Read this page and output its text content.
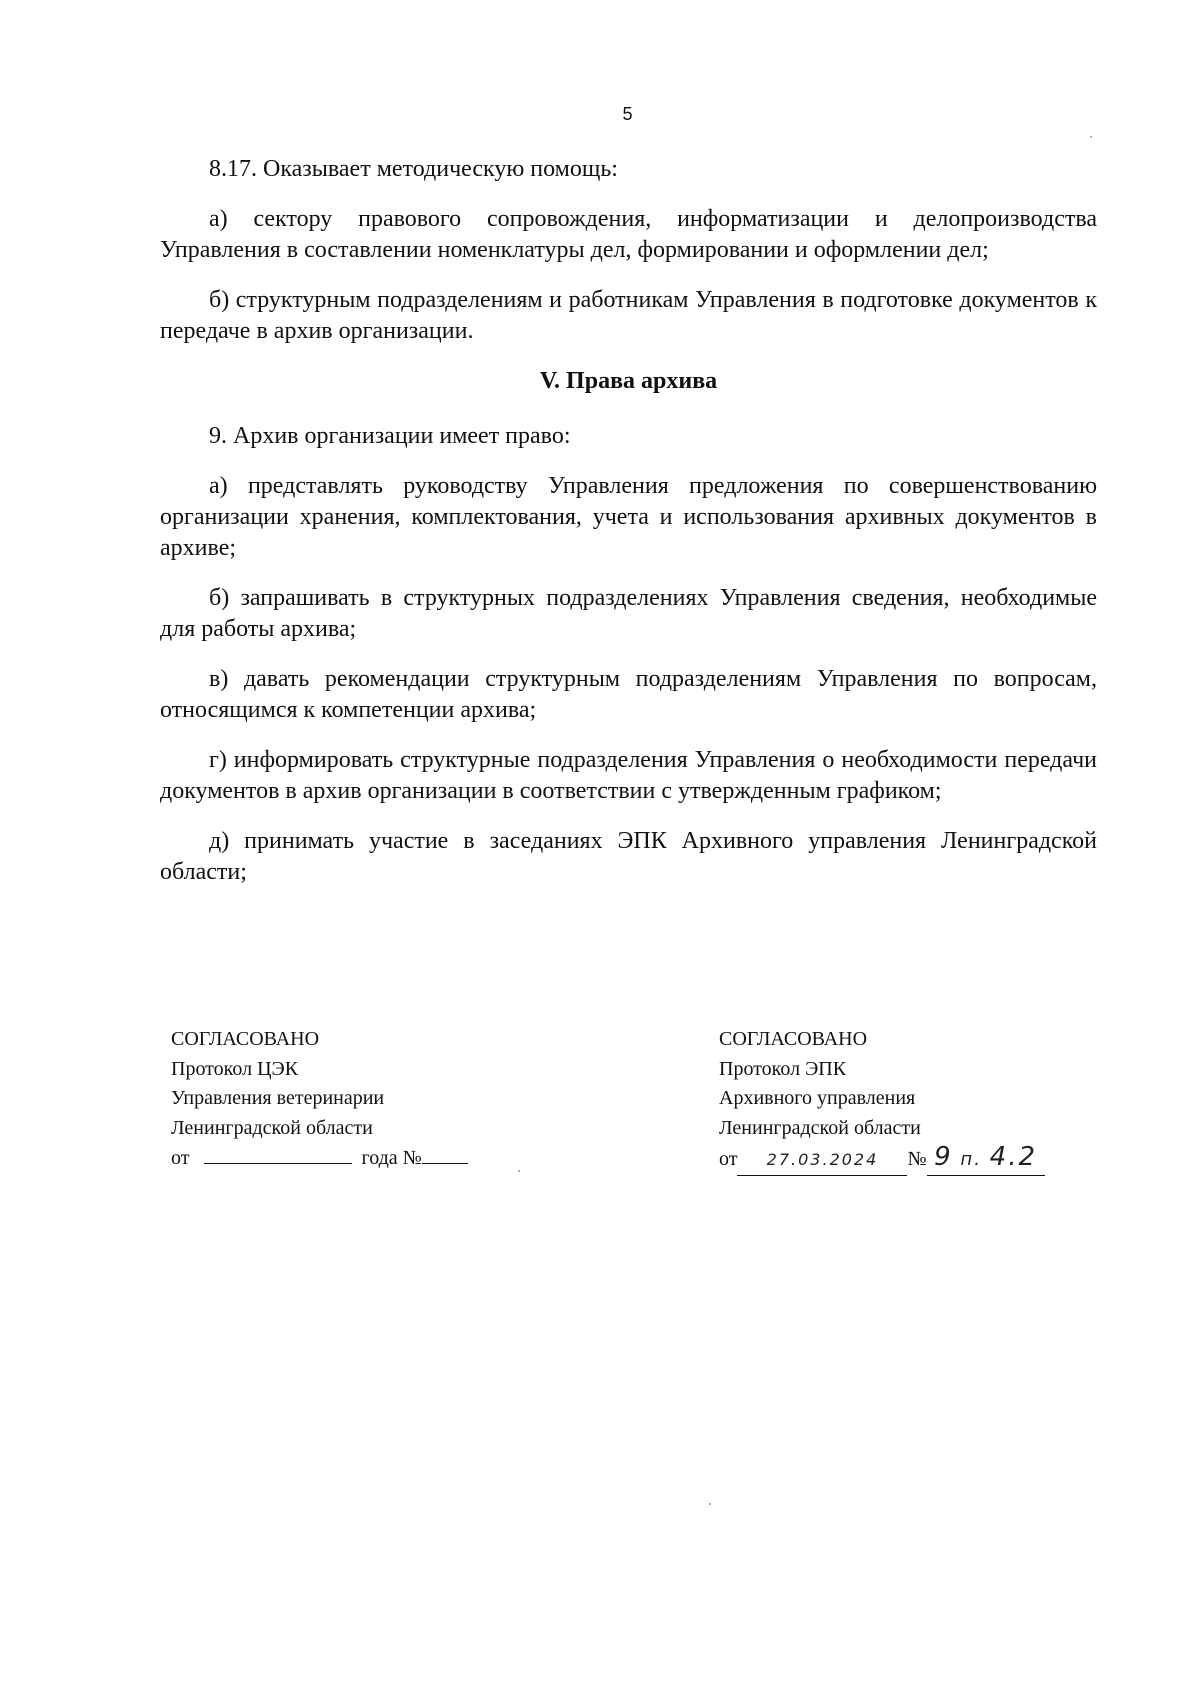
5

8.17. Оказывает методическую помощь:

а) сектору правового сопровождения, информатизации и делопроизводства Управления в составлении номенклатуры дел, формировании и оформлении дел;

б) структурным подразделениям и работникам Управления в подготовке документов к передаче в архив организации.

V. Права архива

9. Архив организации имеет право:

а) представлять руководству Управления предложения по совершенствованию организации хранения, комплектования, учета и использования архивных документов в архиве;

б) запрашивать в структурных подразделениях Управления сведения, необходимые для работы архива;

в) давать рекомендации структурным подразделениям Управления по вопросам, относящимся к компетенции архива;

г) информировать структурные подразделения Управления о необходимости передачи документов в архив организации в соответствии с утвержденным графиком;

д) принимать участие в заседаниях ЭПК Архивного управления Ленинградской области;

СОГЛАСОВАНО
Протокол ЦЭК
Управления ветеринарии
Ленинградской области
от	года №
СОГЛАСОВАНО
Протокол ЭПК
Архивного управления
Ленинградской области
от 27.03.2024 № 9 п. 4.2
